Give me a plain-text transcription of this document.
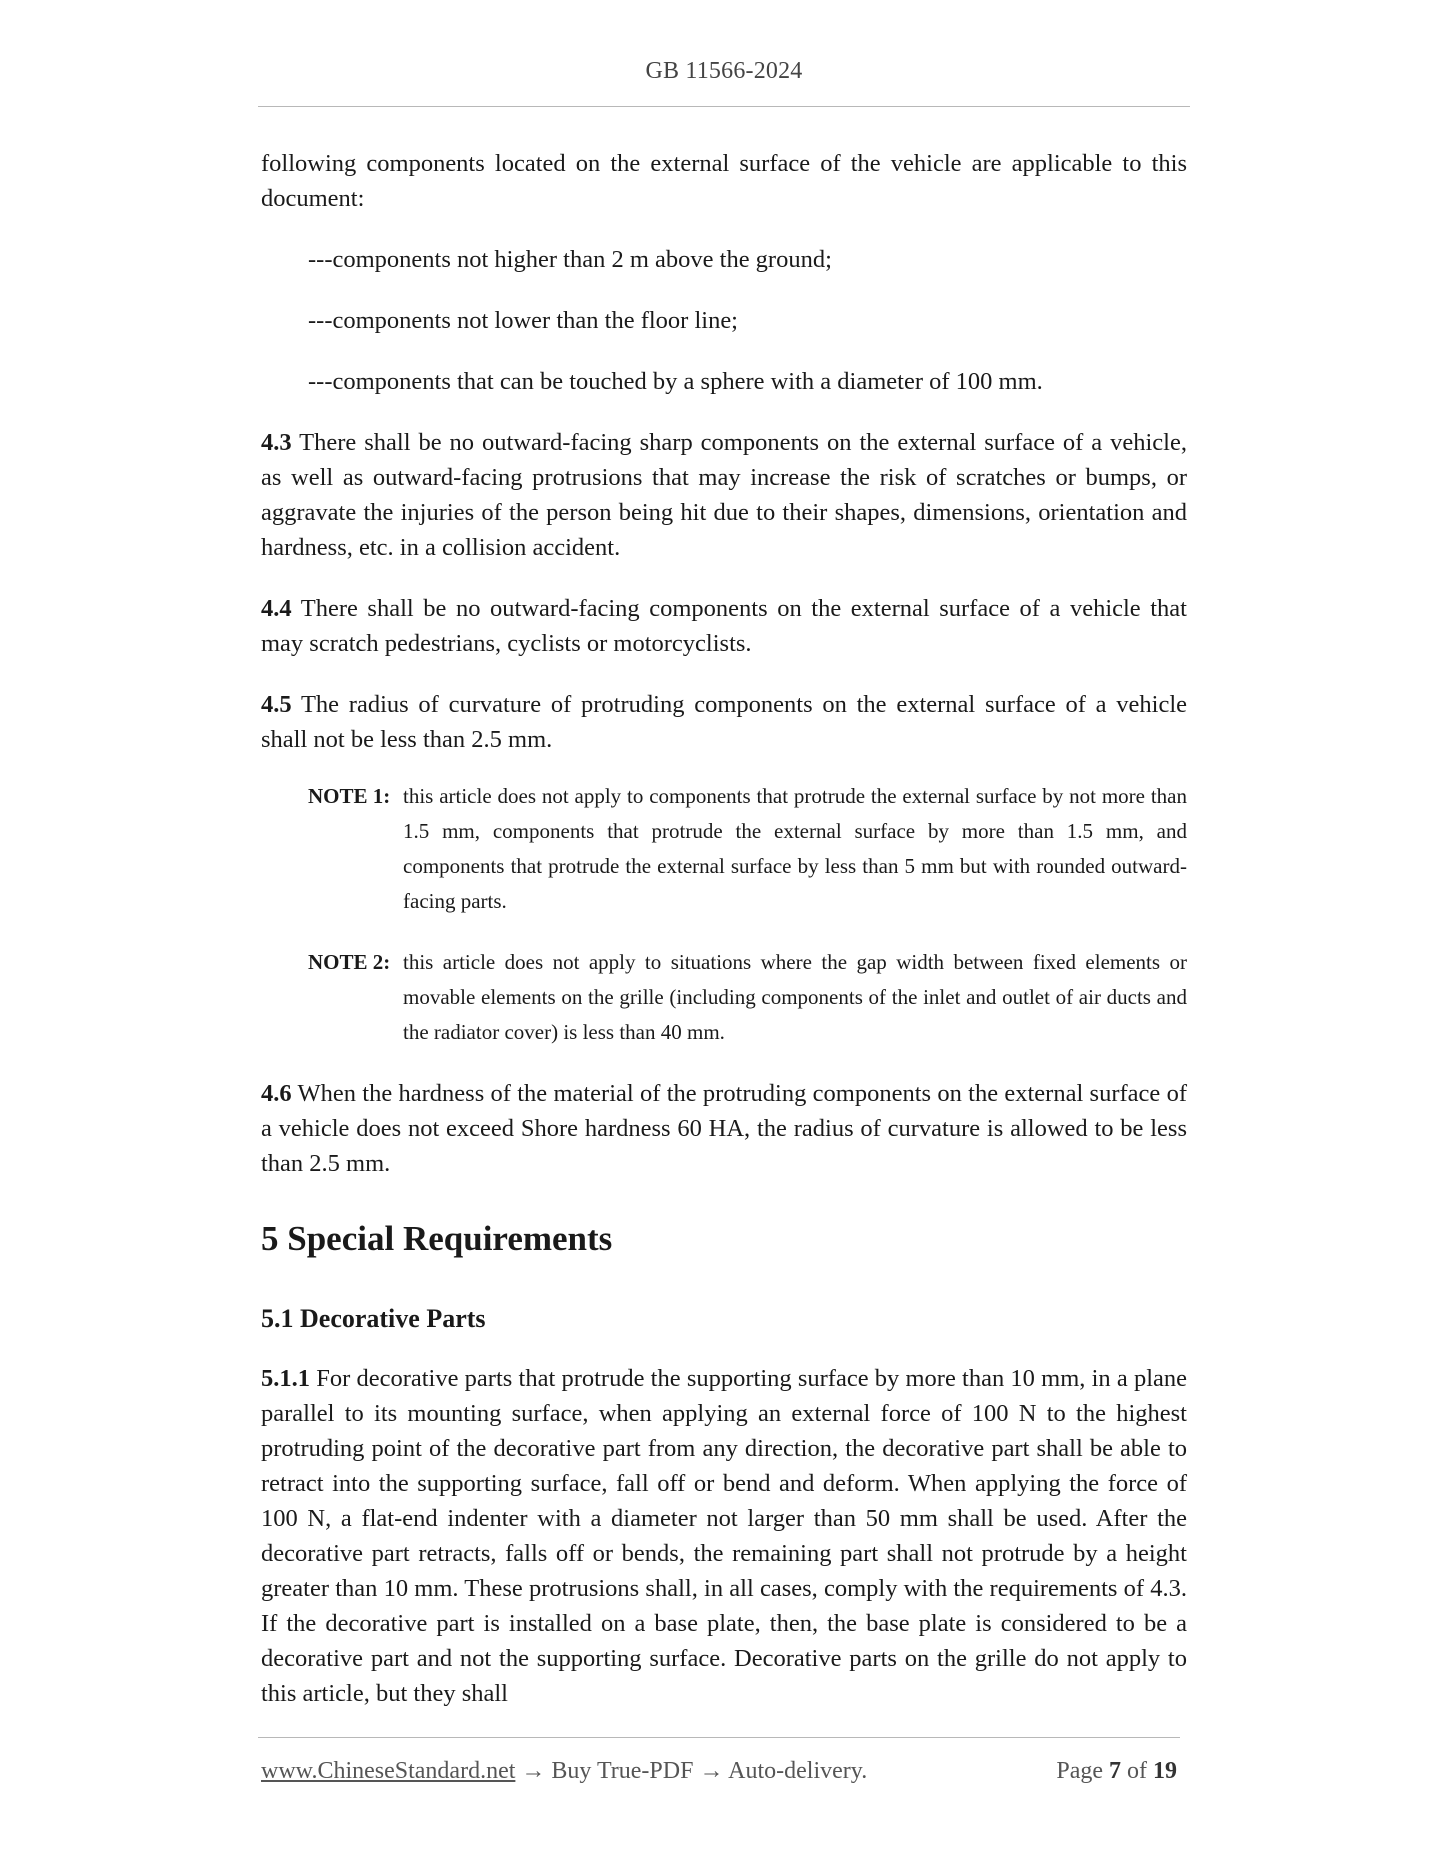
GB 11566-2024

following components located on the external surface of the vehicle are applicable to this document:

---components not higher than 2 m above the ground;
---components not lower than the floor line;
---components that can be touched by a sphere with a diameter of 100 mm.

4.3 There shall be no outward-facing sharp components on the external surface of a vehicle, as well as outward-facing protrusions that may increase the risk of scratches or bumps, or aggravate the injuries of the person being hit due to their shapes, dimensions, orientation and hardness, etc. in a collision accident.

4.4 There shall be no outward-facing components on the external surface of a vehicle that may scratch pedestrians, cyclists or motorcyclists.

4.5 The radius of curvature of protruding components on the external surface of a vehicle shall not be less than 2.5 mm.

NOTE 1: this article does not apply to components that protrude the external surface by not more than 1.5 mm, components that protrude the external surface by more than 1.5 mm, and components that protrude the external surface by less than 5 mm but with rounded outward-facing parts.
NOTE 2: this article does not apply to situations where the gap width between fixed elements or movable elements on the grille (including components of the inlet and outlet of air ducts and the radiator cover) is less than 40 mm.

4.6 When the hardness of the material of the protruding components on the external surface of a vehicle does not exceed Shore hardness 60 HA, the radius of curvature is allowed to be less than 2.5 mm.

5 Special Requirements
5.1 Decorative Parts

5.1.1 For decorative parts that protrude the supporting surface by more than 10 mm, in a plane parallel to its mounting surface, when applying an external force of 100 N to the highest protruding point of the decorative part from any direction, the decorative part shall be able to retract into the supporting surface, fall off or bend and deform. When applying the force of 100 N, a flat-end indenter with a diameter not larger than 50 mm shall be used. After the decorative part retracts, falls off or bends, the remaining part shall not protrude by a height greater than 10 mm. These protrusions shall, in all cases, comply with the requirements of 4.3. If the decorative part is installed on a base plate, then, the base plate is considered to be a decorative part and not the supporting surface. Decorative parts on the grille do not apply to this article, but they shall

www.ChineseStandard.net → Buy True-PDF → Auto-delivery.	Page 7 of 19
